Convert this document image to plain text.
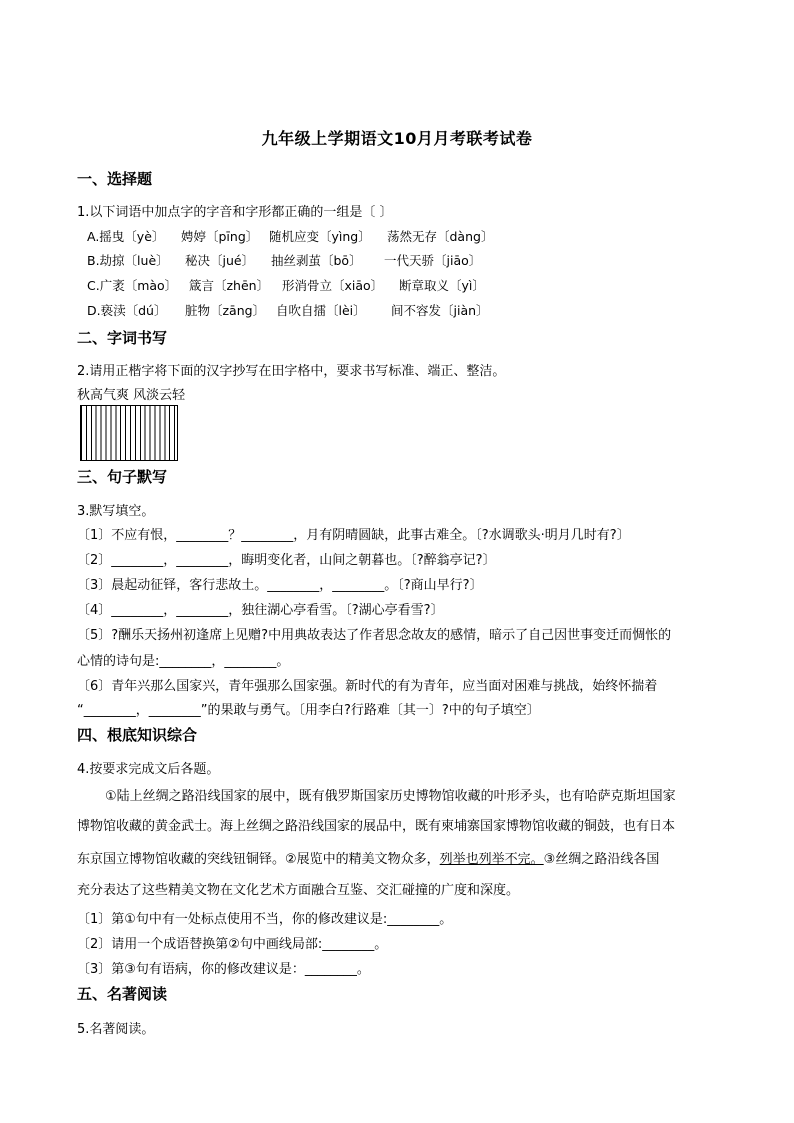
九年级上学期语文10月月考联考试卷
一、选择题
1.以下词语中加点字的字音和字形都正确的一组是〔 〕
A.摇曳〔yè〕 娉婷〔pīng〕 随机应变〔yìng〕 荡然无存〔dàng〕
B.劫掠〔luè〕 秘决〔jué〕 抽丝剥茧〔bō〕 一代天骄〔jiāo〕
C.广袤〔mào〕 箴言〔zhēn〕 形消骨立〔xiāo〕 断章取义〔yì〕
D.亵渎〔dú〕 脏物〔zāng〕 自吹自擂〔lèi〕 间不容发〔jiàn〕
二、字词书写
2.请用正楷字将下面的汉字抄写在田字格中，要求书写标准、端正、整洁。
秋高气爽 风淡云轻
三、句子默写
3.默写填空。
〔1〕不应有恨，________？________，月有阴晴圆缺，此事古难全。〔?水调歌头·明月几时有?〕
〔2〕________，________，晦明变化者，山间之朝暮也。〔?醉翁亭记?〕
〔3〕晨起动征铎，客行悲故土。________，________。〔?商山早行?〕
〔4〕________，________，独往湖心亭看雪。〔?湖心亭看雪?〕
〔5〕?酬乐天扬州初逢席上见赠?中用典故表达了作者思念故友的感情，暗示了自己因世事变迁而惆怅的
心情的诗句是:________，________。
〔6〕青年兴那么国家兴，青年强那么国家强。新时代的有为青年，应当面对困难与挑战，始终怀揣着
“________，________”的果敢与勇气。〔用李白?行路难〔其一〕?中的句子填空〕
四、根底知识综合
4.按要求完成文后各题。
①陆上丝绸之路沿线国家的展中，既有俄罗斯国家历史博物馆收藏的叶形矛头，也有哈萨克斯坦国家
博物馆收藏的黄金武士。海上丝绸之路沿线国家的展品中，既有柬埔寨国家博物馆收藏的铜鼓，也有日本
东京国立博物馆收藏的突线钮铜铎。②展览中的精美文物众多，列举也列举不完。③丝绸之路沿线各国
充分表达了这些精美文物在文化艺术方面融合互鉴、交汇碰撞的广度和深度。
〔1〕第①句中有一处标点使用不当，你的修改建议是:________。
〔2〕请用一个成语替换第②句中画线局部:________。
〔3〕第③句有语病，你的修改建议是：________。
五、名著阅读
5.名著阅读。
